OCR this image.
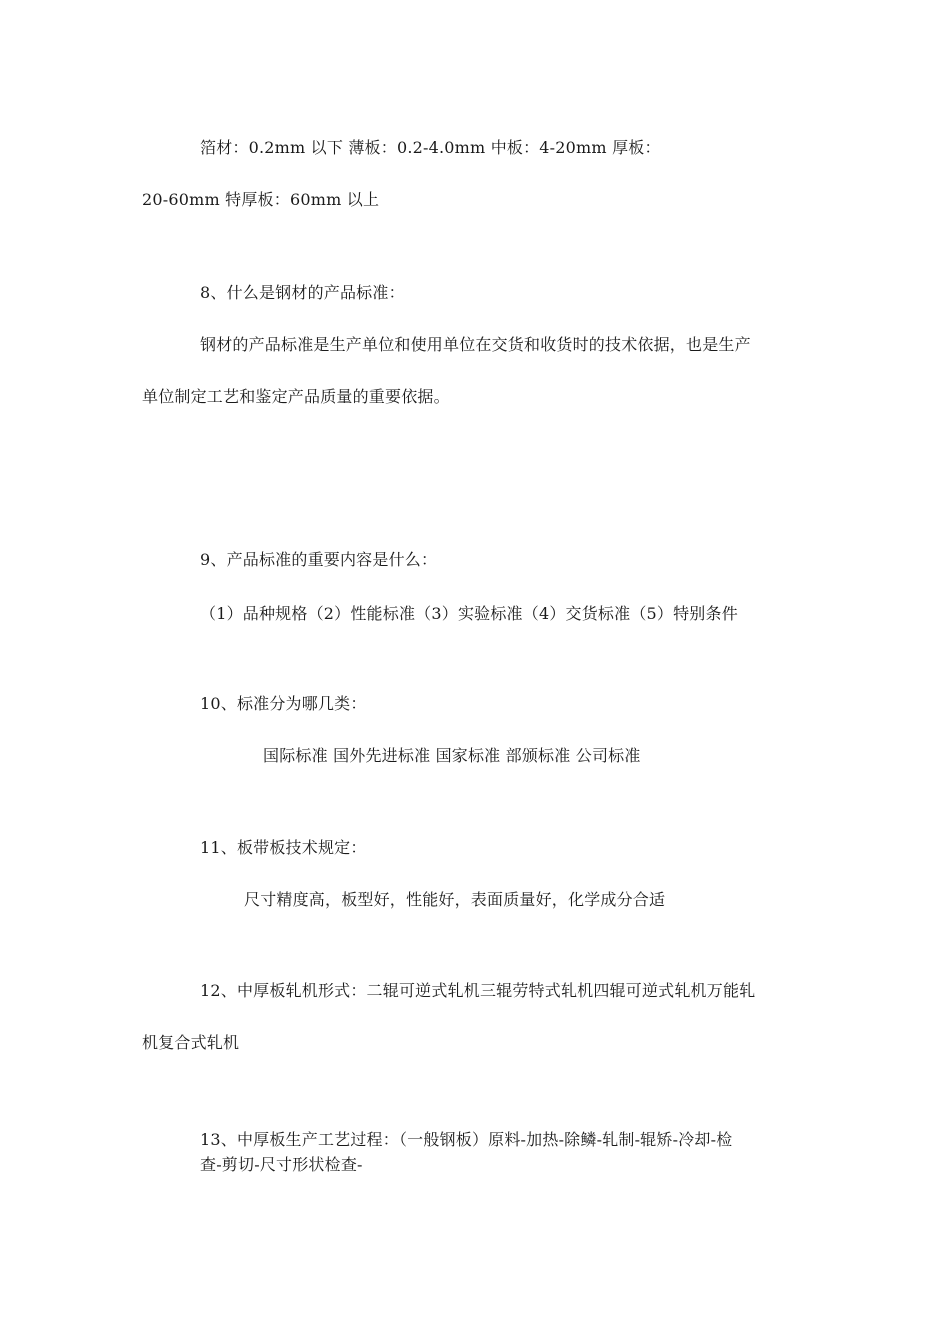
箔材：0.2mm 以下 薄板：0.2-4.0mm 中板：4-20mm 厚板：
20-60mm 特厚板：60mm 以上
8、什么是钢材的产品标准：
钢材的产品标准是生产单位和使用单位在交货和收货时的技术依据，也是生产
单位制定工艺和鉴定产品质量的重要依据。
9、产品标准的重要内容是什么：
（1）品种规格（2）性能标准（3）实验标准（4）交货标准（5）特别条件
10、标准分为哪几类：
国际标准 国外先进标准 国家标准 部颁标准 公司标准
11、板带板技术规定：
尺寸精度高，板型好，性能好，表面质量好，化学成分合适
12、中厚板轧机形式：二辊可逆式轧机三辊劳特式轧机四辊可逆式轧机万能轧
机复合式轧机
13、中厚板生产工艺过程：（一般钢板）原料-加热-除鳞-轧制-辊矫-冷却-检
查-剪切-尺寸形状检查-
